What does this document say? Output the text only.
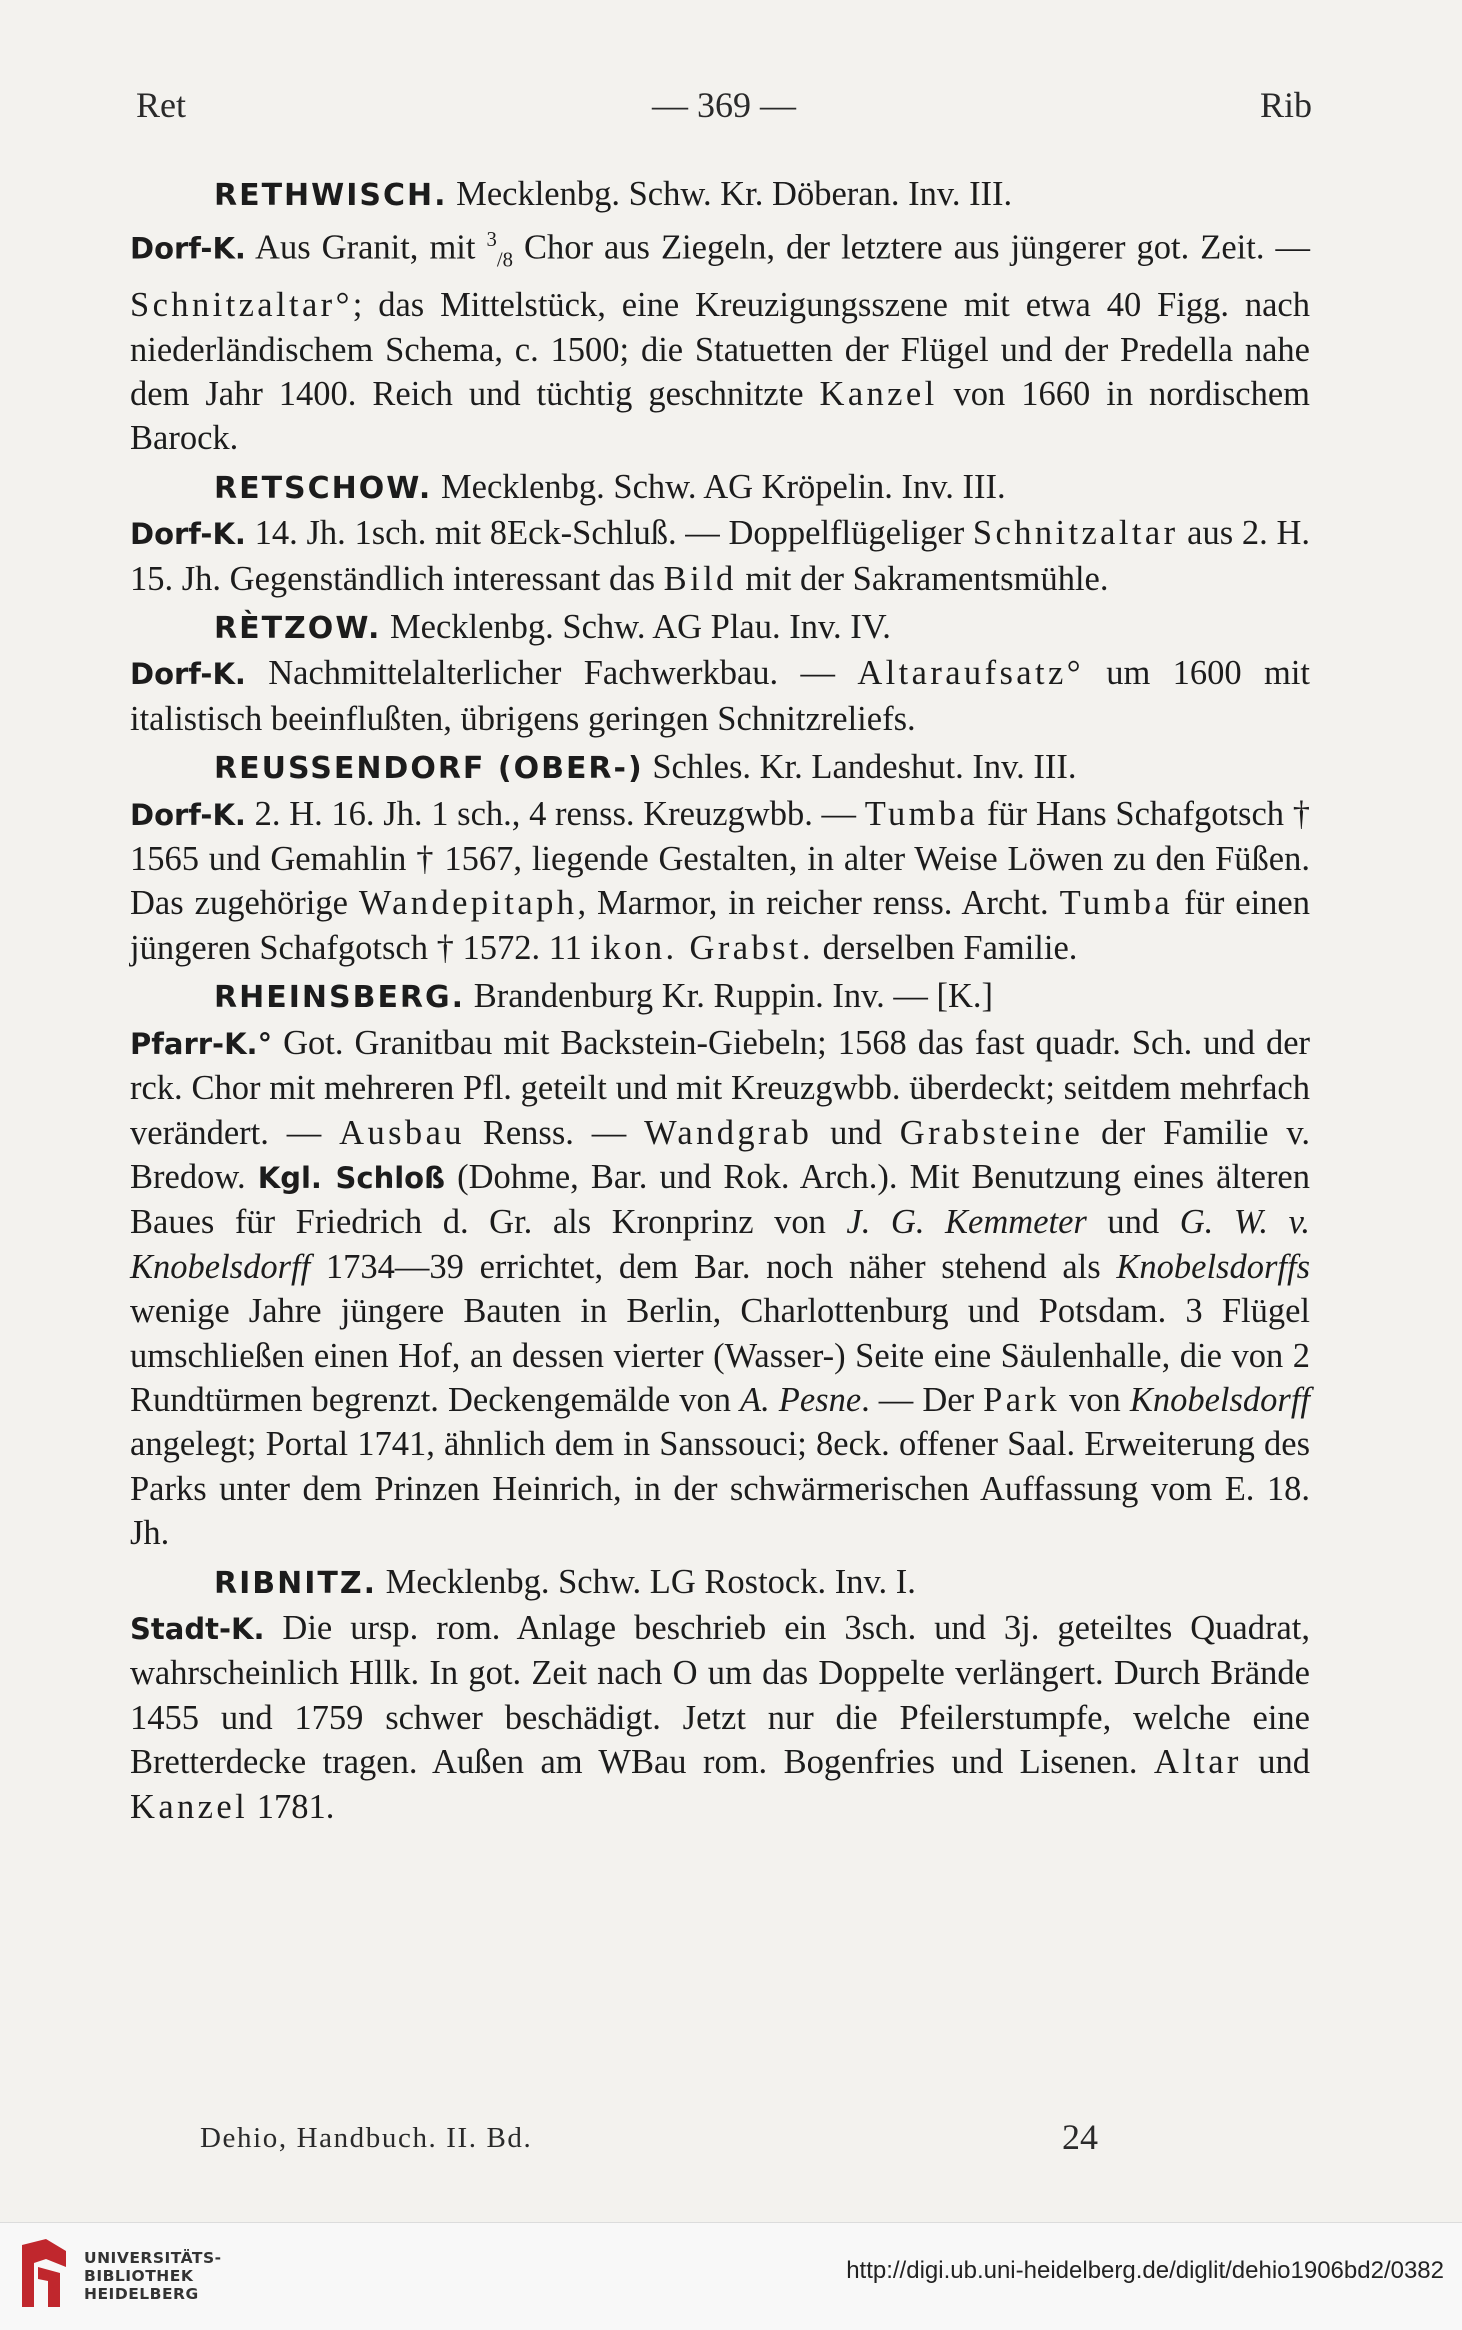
Ret	— 369 —	Rib

RETHWISCH. Mecklenbg. Schw. Kr. Döberan. Inv. III.
Dorf-K. Aus Granit, mit $^3_{/8}$ Chor aus Ziegeln, der letztere aus jüngerer got. Zeit. — Schnitzaltar°; das Mittelstück, eine Kreuzigungsszene mit etwa 40 Figg. nach niederländischem Schema, c. 1500; die Statuetten der Flügel und der Predella nahe dem Jahr 1400. Reich und tüchtig geschnitzte Kanzel von 1660 in nordischem Barock.

RETSCHOW. Mecklenbg. Schw. AG Kröpelin. Inv. III.
Dorf-K. 14. Jh. 1sch. mit 8Eck-Schluß. — Doppelflügeliger Schnitzaltar aus 2. H. 15. Jh. Gegenständlich interessant das Bild mit der Sakramentsmühle.

RÈTZOW. Mecklenbg. Schw. AG Plau. Inv. IV.
Dorf-K. Nachmittelalterlicher Fachwerkbau. — Altaraufsatz° um 1600 mit italistisch beeinflußten, übrigens geringen Schnitzreliefs.

REUSSENDORF (OBER-) Schles. Kr. Landeshut. Inv. III.
Dorf-K. 2. H. 16. Jh. 1 sch., 4 renss. Kreuzgwbb. — Tumba für Hans Schafgotsch † 1565 und Gemahlin † 1567, liegende Gestalten, in alter Weise Löwen zu den Füßen. Das zugehörige Wandepitaph, Marmor, in reicher renss. Archt. Tumba für einen jüngeren Schafgotsch † 1572. 11 ikon. Grabst. derselben Familie.

RHEINSBERG. Brandenburg Kr. Ruppin. Inv. — [K.]
Pfarr-K.° Got. Granitbau mit Backstein-Giebeln; 1568 das fast quadr. Sch. und der rck. Chor mit mehreren Pfl. geteilt und mit Kreuzgwbb. überdeckt; seitdem mehrfach verändert. — Ausbau Renss. — Wandgrab und Grabsteine der Familie v. Bredow. Kgl. Schloß (Dohme, Bar. und Rok. Arch.). Mit Benutzung eines älteren Baues für Friedrich d. Gr. als Kronprinz von J. G. Kemmeter und G. W. v. Knobelsdorff 1734—39 errichtet, dem Bar. noch näher stehend als Knobelsdorffs wenige Jahre jüngere Bauten in Berlin, Charlottenburg und Potsdam. 3 Flügel umschließen einen Hof, an dessen vierter (Wasser-) Seite eine Säulenhalle, die von 2 Rundtürmen begrenzt. Deckengemälde von A. Pesne. — Der Park von Knobelsdorff angelegt; Portal 1741, ähnlich dem in Sanssouci; 8eck. offener Saal. Erweiterung des Parks unter dem Prinzen Heinrich, in der schwärmerischen Auffassung vom E. 18. Jh.

RIBNITZ. Mecklenbg. Schw. LG Rostock. Inv. I.
Stadt-K. Die ursp. rom. Anlage beschrieb ein 3sch. und 3j. geteiltes Quadrat, wahrscheinlich Hllk. In got. Zeit nach O um das Doppelte verlängert. Durch Brände 1455 und 1759 schwer beschädigt. Jetzt nur die Pfeilerstumpfe, welche eine Bretterdecke tragen. Außen am WBau rom. Bogenfries und Lisenen. Altar und Kanzel 1781.

Dehio, Handbuch. II. Bd.	24
UNIVERSITÄTS-
BIBLIOTHEK
HEIDELBERG
http://digi.ub.uni-heidelberg.de/diglit/dehio1906bd2/0382
